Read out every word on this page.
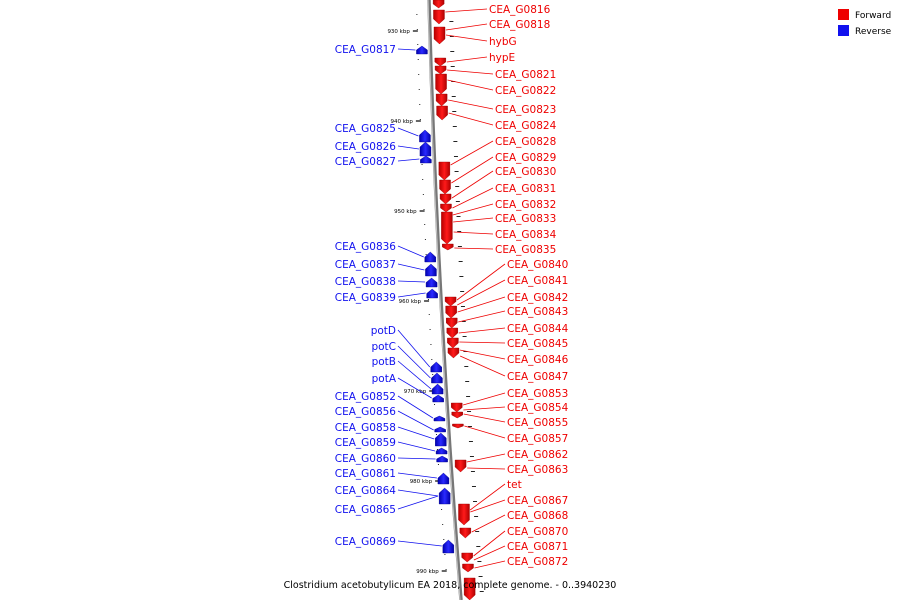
930 kbp
940 kbp
950 kbp
960 kbp
970 kbp
980 kbp
990 kbp
CEA_G0816
CEA_G0818
hybG
hypE
CEA_G0821
CEA_G0822
CEA_G0823
CEA_G0824
CEA_G0828
CEA_G0829
CEA_G0830
CEA_G0831
CEA_G0832
CEA_G0833
CEA_G0834
CEA_G0835
CEA_G0840
CEA_G0841
CEA_G0842
CEA_G0843
CEA_G0844
CEA_G0845
CEA_G0846
CEA_G0847
CEA_G0853
CEA_G0854
CEA_G0855
CEA_G0857
CEA_G0862
CEA_G0863
tet
CEA_G0867
CEA_G0868
CEA_G0870
CEA_G0871
CEA_G0872
CEA_G0817
CEA_G0825
CEA_G0826
CEA_G0827
CEA_G0836
CEA_G0837
CEA_G0838
CEA_G0839
potD
potC
potB
potA
CEA_G0852
CEA_G0856
CEA_G0858
CEA_G0859
CEA_G0860
CEA_G0861
CEA_G0864
CEA_G0865
CEA_G0869
Forward
Reverse
Clostridium acetobutylicum EA 2018, complete genome. - 0..3940230
